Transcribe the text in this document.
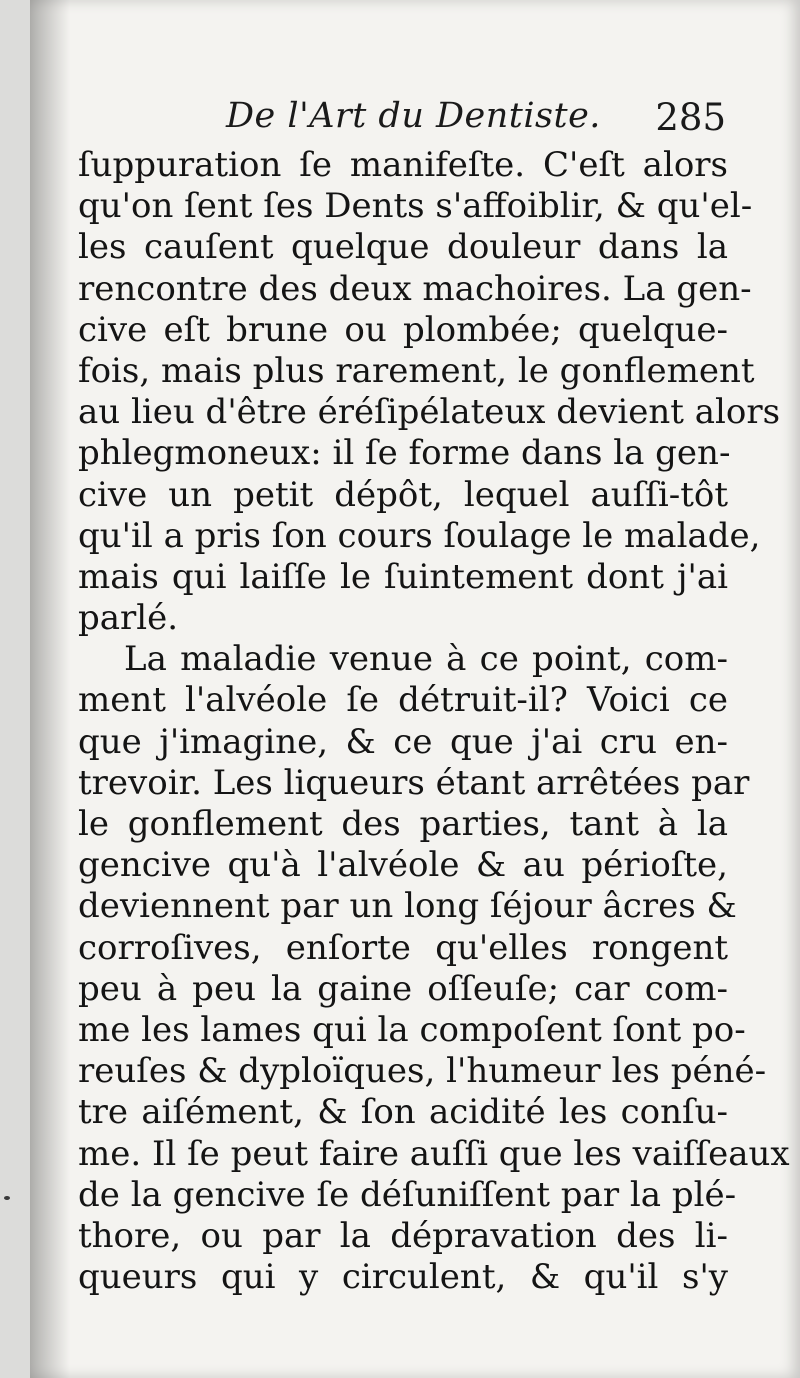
De l'Art du Dentiste. 285
ſuppuration ſe manifeſte. C'eſt alors
qu'on ſent ſes Dents s'affoiblir, & qu'el-
les cauſent quelque douleur dans la
rencontre des deux machoires. La gen-
cive eſt brune ou plombée; quelque-
fois, mais plus rarement, le gonflement
au lieu d'être éréſipélateux devient alors
phlegmoneux: il ſe forme dans la gen-
cive un petit dépôt, lequel auſſi-tôt
qu'il a pris ſon cours ſoulage le malade,
mais qui laiſſe le ſuintement dont j'ai
parlé.
La maladie venue à ce point, com-
ment l'alvéole ſe détruit-il? Voici ce
que j'imagine, & ce que j'ai cru en-
trevoir. Les liqueurs étant arrêtées par
le gonflement des parties, tant à la
gencive qu'à l'alvéole & au périoſte,
deviennent par un long ſéjour âcres &
corroſives, enſorte qu'elles rongent
peu à peu la gaine oſſeuſe; car com-
me les lames qui la compoſent ſont po-
reuſes & dyploïques, l'humeur les péné-
tre aiſément, & ſon acidité les conſu-
me. Il ſe peut faire auſſi que les vaiſſeaux
de la gencive ſe déſuniſſent par la plé-
thore, ou par la dépravation des li-
queurs qui y circulent, & qu'il s'y
